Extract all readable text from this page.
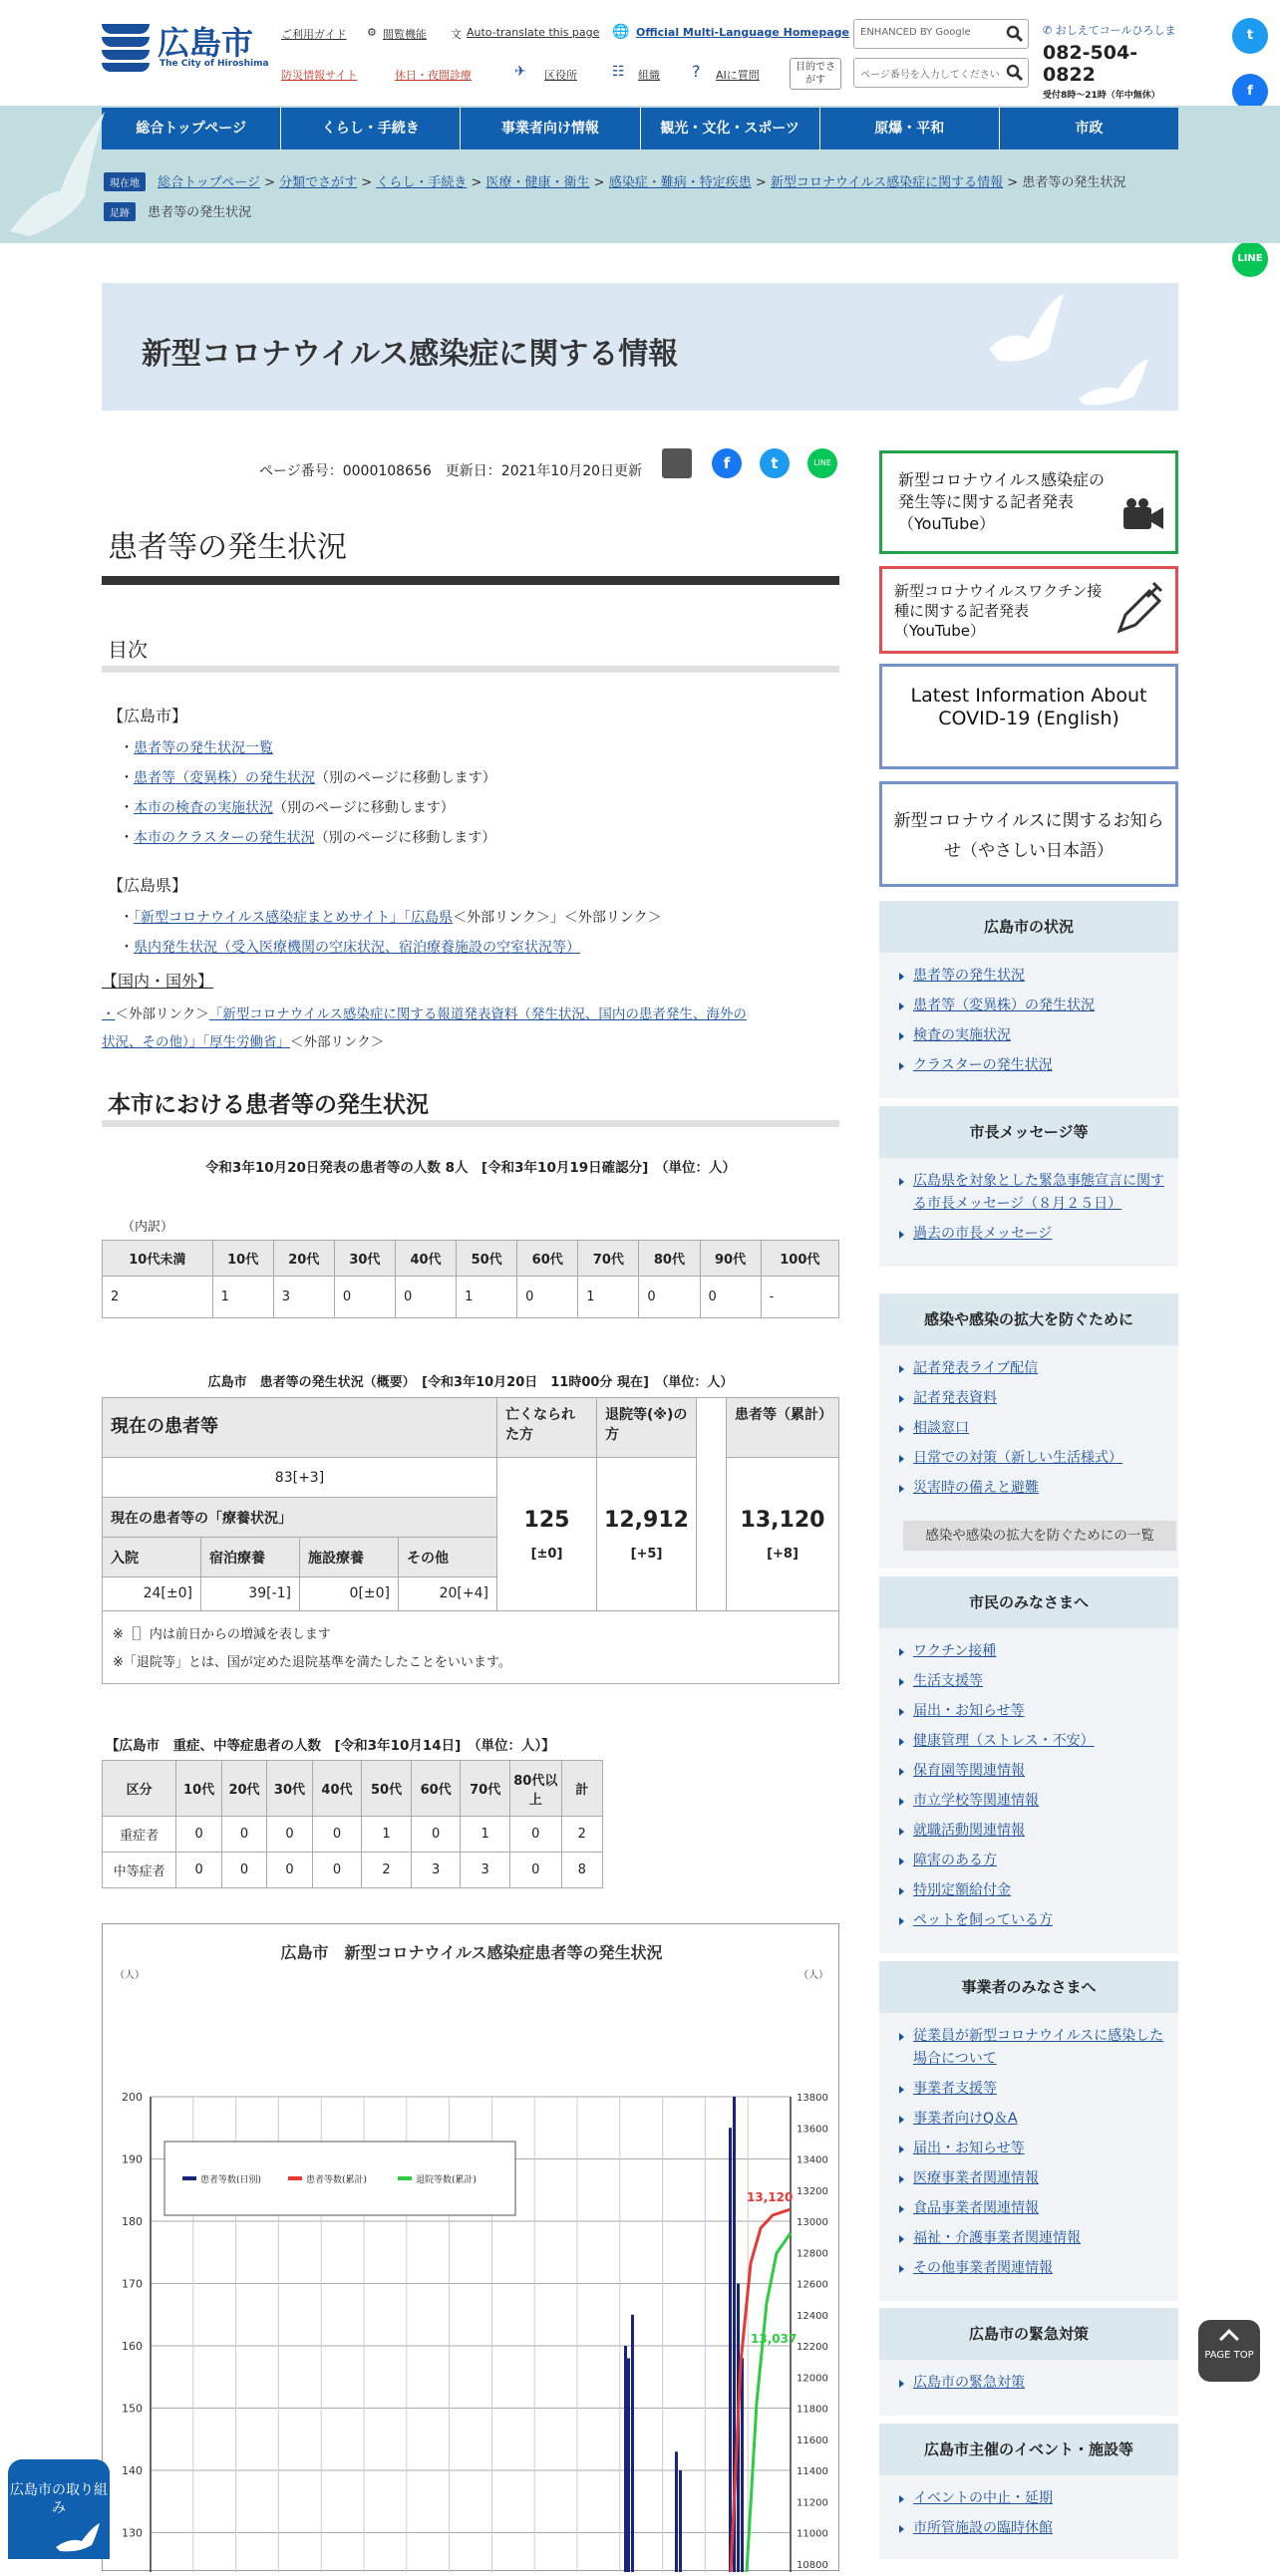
広島市
The City of Hiroshima
ご利用ガイド ⚙ 閲覧機能 文 Auto-translate this page 🌐 Official Multi-Language Homepage
防災情報サイト	休日・夜間診療	✈ 区役所	☷ 組織 ? AIに質問
目的でさがす
ENHANCED BY Google
ページ番号を入力してください
✆ おしえてコールひろしま
082-504-0822
受付8時～21時（年中無休）
t
f
LINE
総合トップページ	くらし・手続き	事業者向け情報	観光・文化・スポーツ	原爆・平和	市政
現在地 総合トップページ > 分類でさがす > くらし・手続き > 医療・健康・衛生 > 感染症・難病・特定疾患 > 新型コロナウイルス感染症に関する情報 > 患者等の発生状況
足跡 患者等の発生状況
新型コロナウイルス感染症に関する情報
ページ番号：0000108656　更新日：2021年10月20日更新	f	t	LINE
患者等の発生状況
目次
【広島市】
・患者等の発生状況一覧
・患者等（変異株）の発生状況（別のページに移動します）
・本市の検査の実施状況（別のページに移動します）
・本市のクラスターの発生状況（別のページに移動します）
【広島県】
・「新型コロナウイルス感染症まとめサイト」「広島県＜外部リンク＞」＜外部リンク＞
・県内発生状況（受入医療機関の空床状況、宿泊療養施設の空室状況等）
【国内・国外】
・＜外部リンク＞「新型コロナウイルス感染症に関する報道発表資料（発生状況、国内の患者発生、海外の
状況、その他）」「厚生労働省」＜外部リンク＞
本市における患者等の発生状況
令和3年10月20日発表の患者等の人数 8人　[令和3年10月19日確認分]　（単位：人）
（内訳）
10代未満	10代	20代	30代	40代	50代	60代	70代	80代	90代	100代
2	1	3	0	0	1	0	1	0	0	-
広島市　患者等の発生状況（概要）　[令和3年10月20日　11時00分 現在]　（単位：人）
現在の患者等
83[+3]
現在の患者等の「療養状況」
入院	宿泊療養	施設療養	その他
24[±0]	39[-1]	0[±0]	20[+4]
亡くなられた方
125
[±0]
退院等(※)の方
12,912
[+5]
患者等（累計）
13,120
[+8]
※［］内は前日からの増減を表します
※「退院等」とは、国が定めた退院基準を満たしたことをいいます。
【広島市　重症、中等症患者の人数　[令和3年10月14日]　（単位：人）】
区分	10代	20代	30代	40代	50代	60代	70代	80代以上	計
重症者	0	0	0	0	1	0	1	0	2
中等症者	0	0	0	0	2	3	3	0	8
広島市　新型コロナウイルス感染症患者等の発生状況
（人）	（人）
200
190
180
170
160
150
140
130
13800
13600
13400
13200
13000
12800
12600
12400
12200
12000
11800
11600
11400
11200
11000
10800
患者等数(日別)	患者等数(累計)	退院等数(累計)
13,120
13,037
新型コロナウイルス感染症の発生等に関する記者発表（YouTube）
新型コロナウイルスワクチン接種に関する記者発表（YouTube）
Latest Information About COVID-19 (English)
新型コロナウイルスに関するお知らせ（やさしい日本語）
広島市の状況
患者等の発生状況
患者等（変異株）の発生状況
検査の実施状況
クラスターの発生状況
市長メッセージ等
広島県を対象とした緊急事態宣言に関する市長メッセージ（８月２５日）
過去の市長メッセージ
感染や感染の拡大を防ぐために
記者発表ライブ配信
記者発表資料
相談窓口
日常での対策（新しい生活様式）
災害時の備えと避難
感染や感染の拡大を防ぐためにの一覧
市民のみなさまへ
ワクチン接種
生活支援等
届出・お知らせ等
健康管理（ストレス・不安）
保育園等関連情報
市立学校等関連情報
就職活動関連情報
障害のある方
特別定額給付金
ペットを飼っている方
事業者のみなさまへ
従業員が新型コロナウイルスに感染した場合について
事業者支援等
事業者向けQ＆A
届出・お知らせ等
医療事業者関連情報
食品事業者関連情報
福祉・介護事業者関連情報
その他事業者関連情報
広島市の緊急対策
広島市の緊急対策
広島市主催のイベント・施設等
イベントの中止・延期
市所管施設の臨時休館
PAGE TOP
広島市の取り組み
